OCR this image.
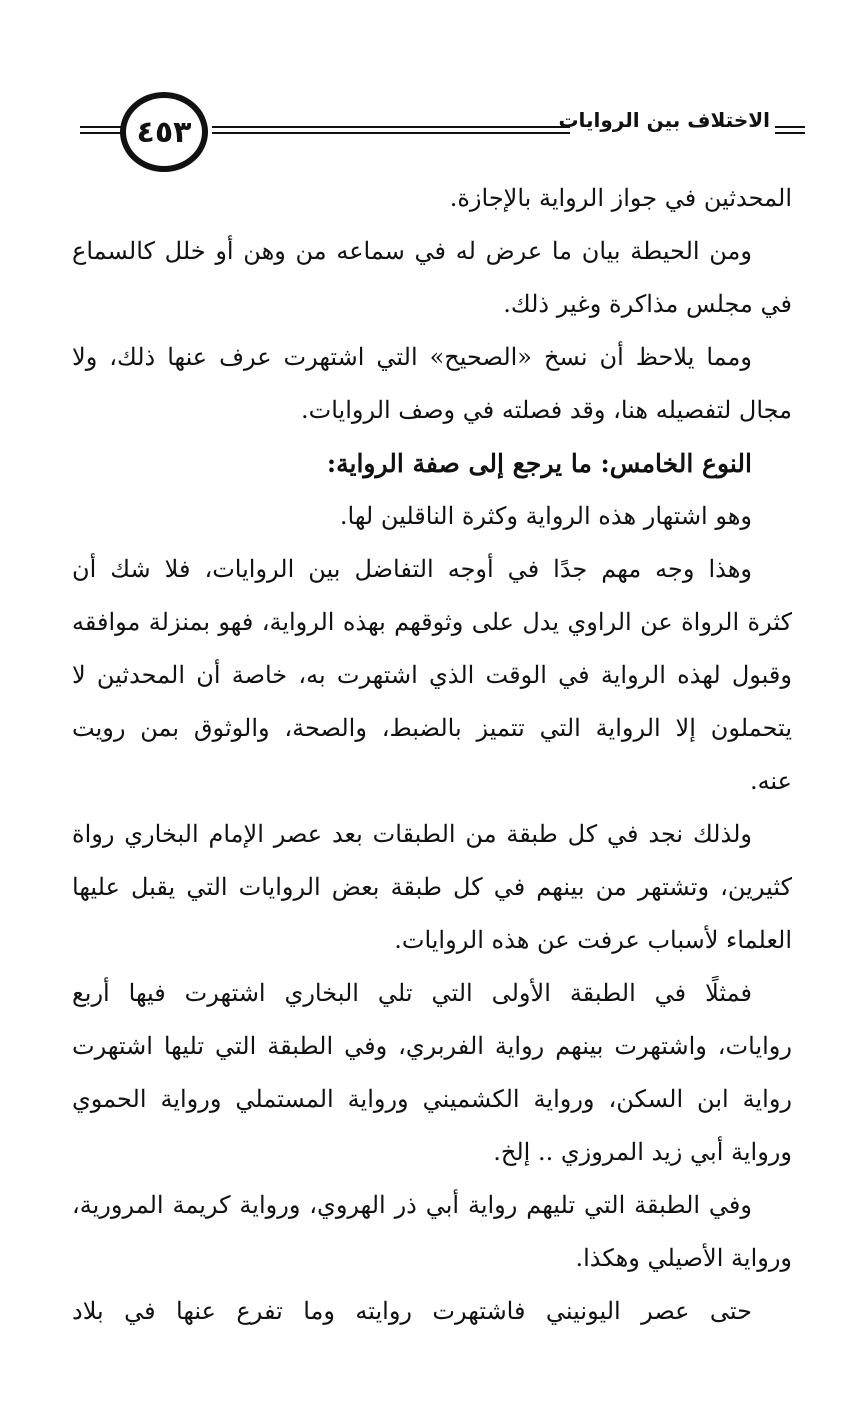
٤٥٣	الاختلاف بين الروايات
المحدثين في جواز الرواية بالإجازة.
ومن الحيطة بيان ما عرض له في سماعه من وهن أو خلل كالسماع
في مجلس مذاكرة وغير ذلك.
ومما يلاحظ أن نسخ «الصحيح» التي اشتهرت عرف عنها ذلك، ولا
مجال لتفصيله هنا، وقد فصلته في وصف الروايات.
النوع الخامس: ما يرجع إلى صفة الرواية:
وهو اشتهار هذه الرواية وكثرة الناقلين لها.
وهذا وجه مهم جدًا في أوجه التفاضل بين الروايات، فلا شك أن
كثرة الرواة عن الراوي يدل على وثوقهم بهذه الرواية، فهو بمنزلة موافقه
وقبول لهذه الرواية في الوقت الذي اشتهرت به، خاصة أن المحدثين لا
يتحملون إلا الرواية التي تتميز بالضبط، والصحة، والوثوق بمن رويت
عنه.
ولذلك نجد في كل طبقة من الطبقات بعد عصر الإمام البخاري رواة
كثيرين، وتشتهر من بينهم في كل طبقة بعض الروايات التي يقبل عليها
العلماء لأسباب عرفت عن هذه الروايات.
فمثلًا في الطبقة الأولى التي تلي البخاري اشتهرت فيها أربع
روايات، واشتهرت بينهم رواية الفربري، وفي الطبقة التي تليها اشتهرت
رواية ابن السكن، ورواية الكشميني ورواية المستملي ورواية الحموي
ورواية أبي زيد المروزي .. إلخ.
وفي الطبقة التي تليهم رواية أبي ذر الهروي، ورواية كريمة المرورية،
ورواية الأصيلي وهكذا.
حتى عصر اليونيني فاشتهرت روايته وما تفرع عنها في بلاد
